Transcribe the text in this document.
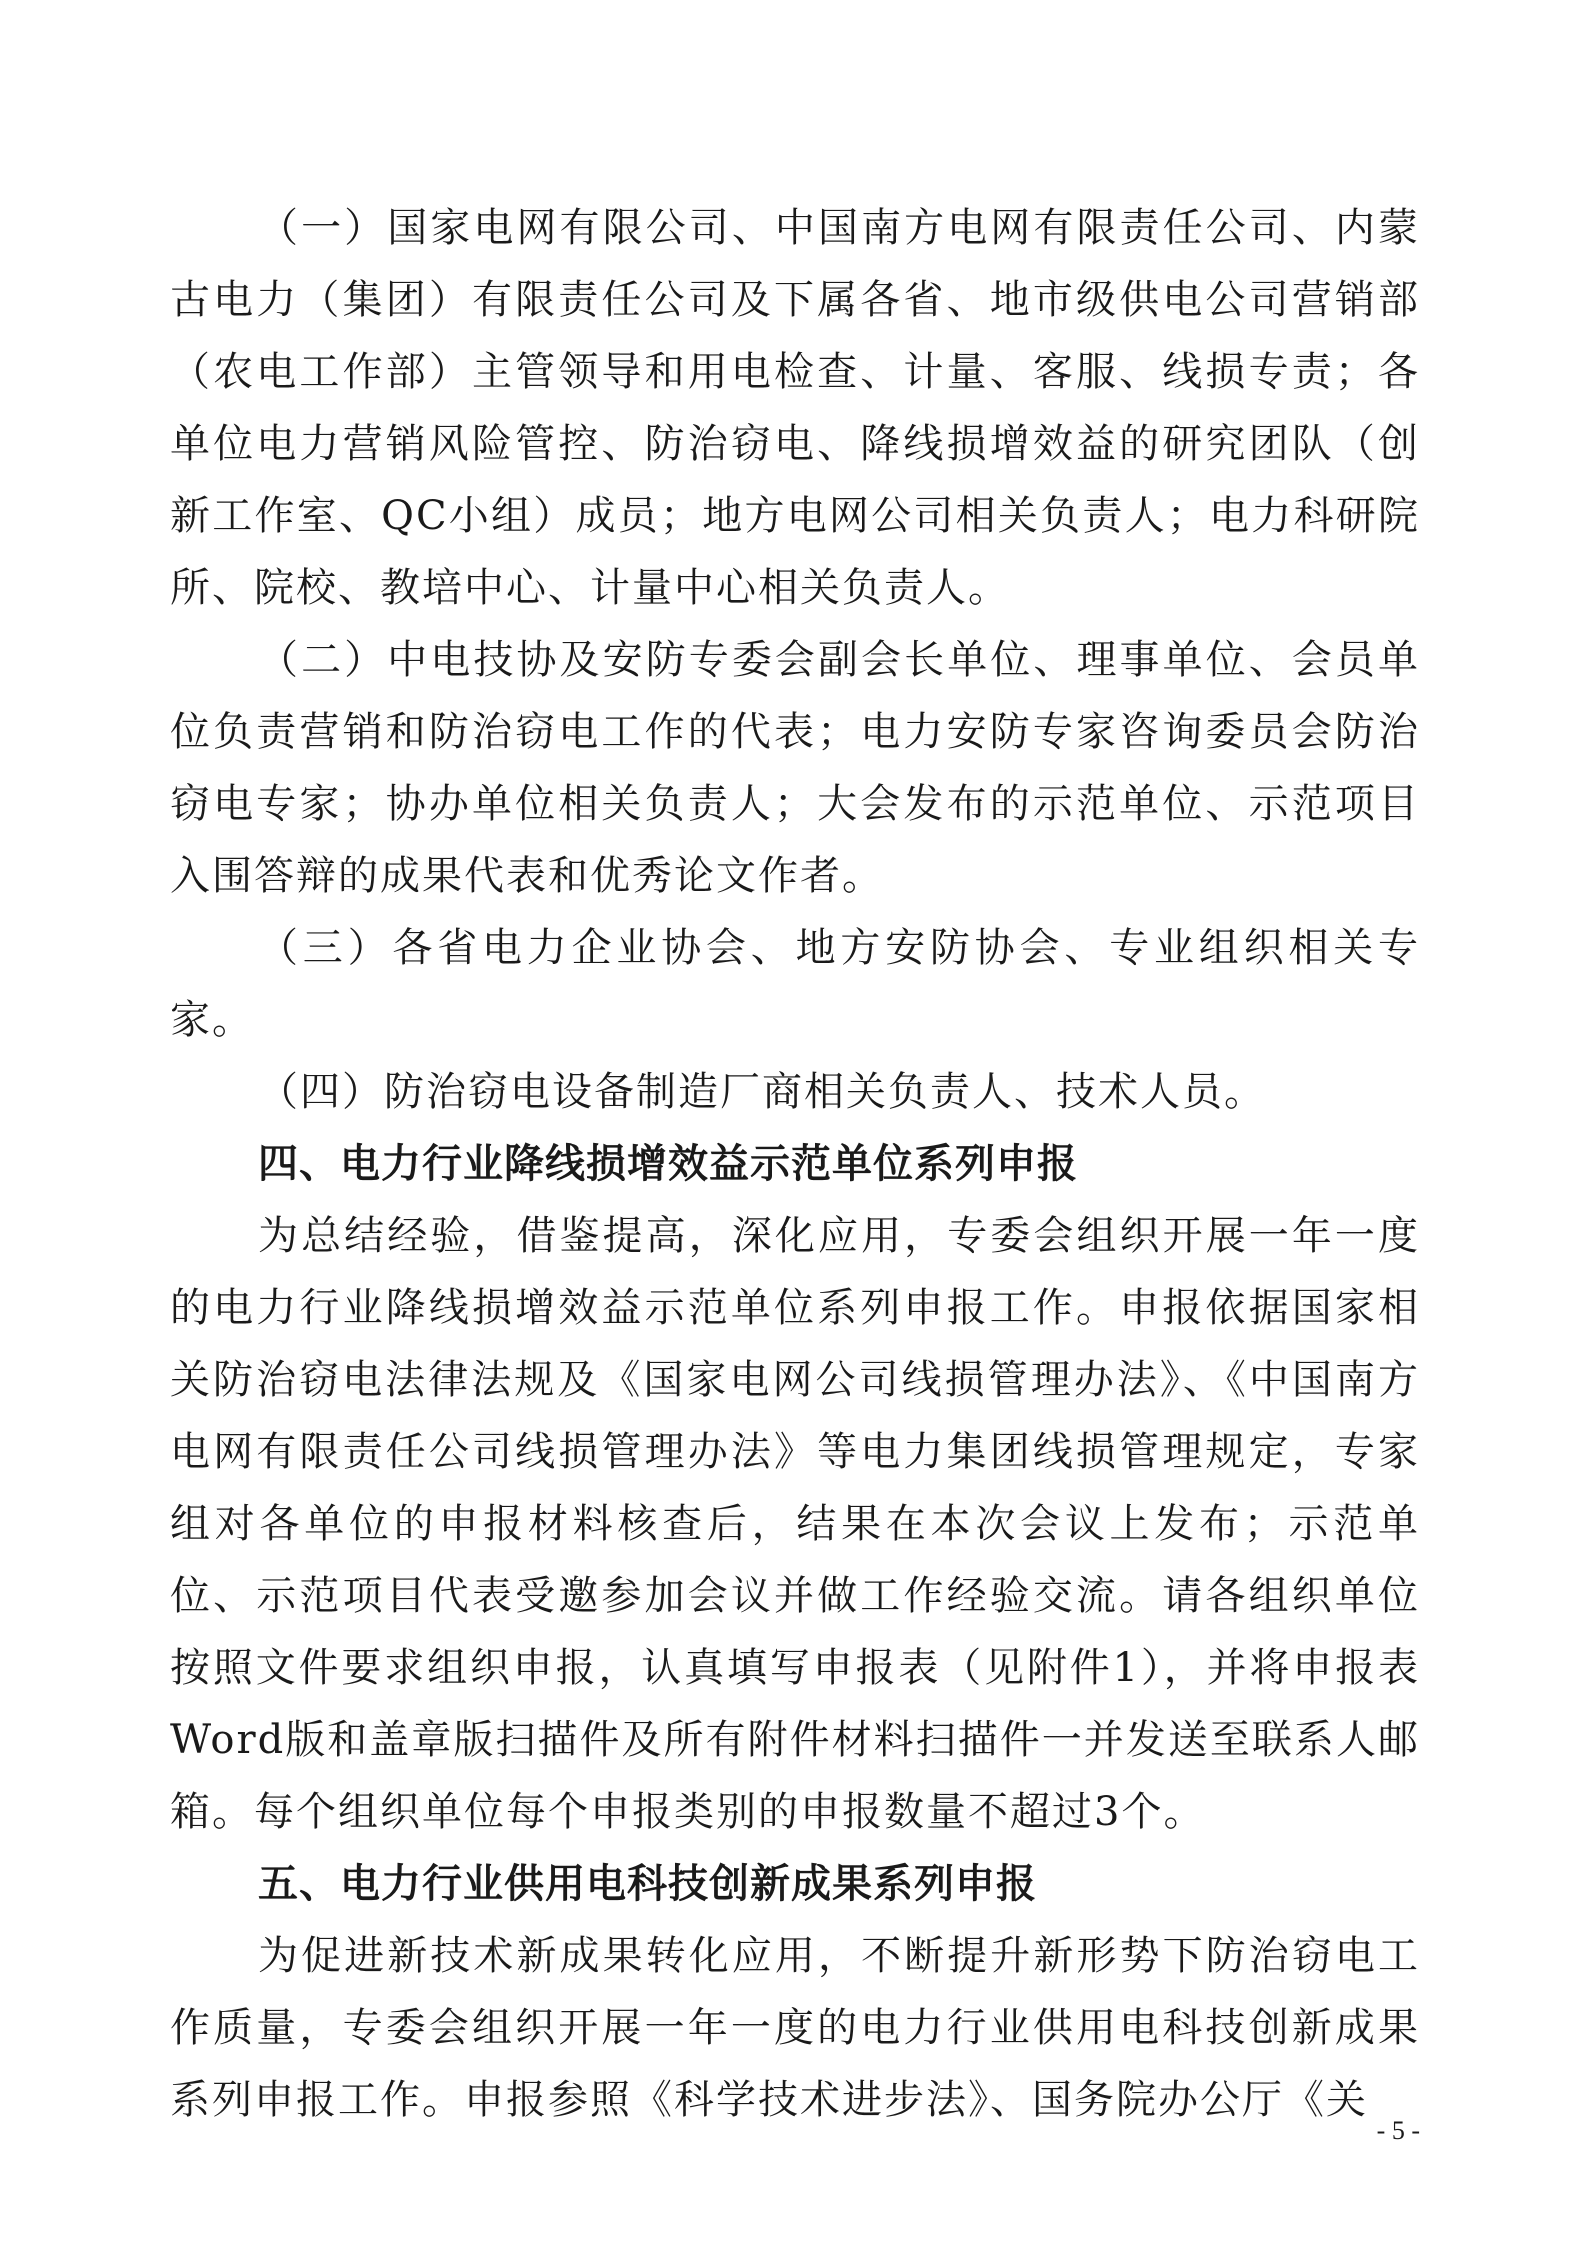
（一）国家电网有限公司、中国南方电网有限责任公司、内蒙古电力（集团）有限责任公司及下属各省、地市级供电公司营销部（农电工作部）主管领导和用电检查、计量、客服、线损专责；各单位电力营销风险管控、防治窃电、降线损增效益的研究团队（创新工作室、QC小组）成员；地方电网公司相关负责人；电力科研院所、院校、教培中心、计量中心相关负责人。

（二）中电技协及安防专委会副会长单位、理事单位、会员单位负责营销和防治窃电工作的代表；电力安防专家咨询委员会防治窃电专家；协办单位相关负责人；大会发布的示范单位、示范项目入围答辩的成果代表和优秀论文作者。

（三）各省电力企业协会、地方安防协会、专业组织相关专家。

（四）防治窃电设备制造厂商相关负责人、技术人员。

四、电力行业降线损增效益示范单位系列申报

为总结经验，借鉴提高，深化应用，专委会组织开展一年一度的电力行业降线损增效益示范单位系列申报工作。申报依据国家相关防治窃电法律法规及《国家电网公司线损管理办法》、《中国南方电网有限责任公司线损管理办法》等电力集团线损管理规定，专家组对各单位的申报材料核查后，结果在本次会议上发布；示范单位、示范项目代表受邀参加会议并做工作经验交流。请各组织单位按照文件要求组织申报，认真填写申报表（见附件1），并将申报表Word版和盖章版扫描件及所有附件材料扫描件一并发送至联系人邮箱。每个组织单位每个申报类别的申报数量不超过3个。

五、电力行业供用电科技创新成果系列申报

为促进新技术新成果转化应用，不断提升新形势下防治窃电工作质量，专委会组织开展一年一度的电力行业供用电科技创新成果系列申报工作。申报参照《科学技术进步法》、国务院办公厅《关

- 5 -
